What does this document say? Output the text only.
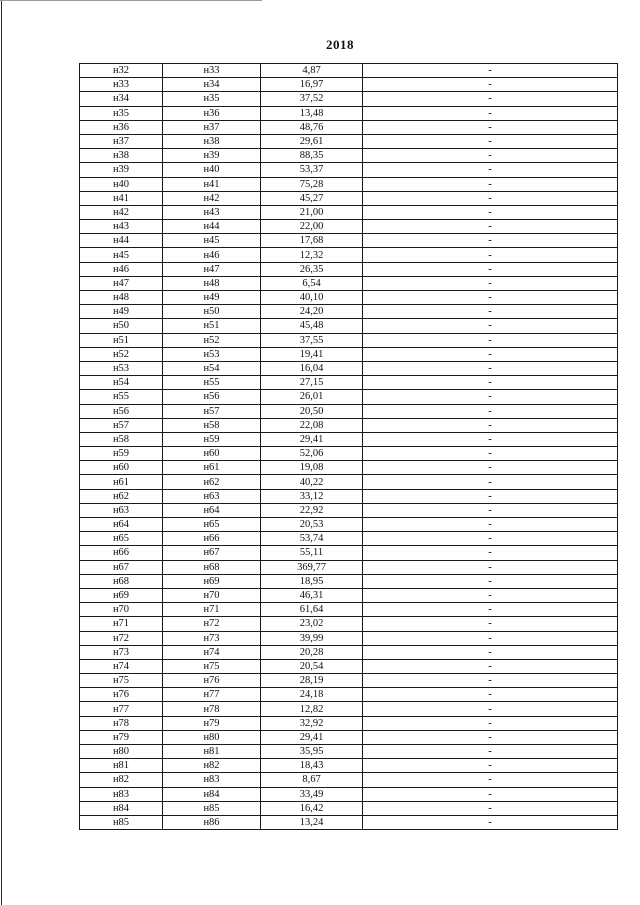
2018
н32	н33	4,87	-
н33	н34	16,97	-
н34	н35	37,52	-
н35	н36	13,48	-
н36	н37	48,76	-
н37	н38	29,61	-
н38	н39	88,35	-
н39	н40	53,37	-
н40	н41	75,28	-
н41	н42	45,27	-
н42	н43	21,00	-
н43	н44	22,00	-
н44	н45	17,68	-
н45	н46	12,32	-
н46	н47	26,35	-
н47	н48	6,54	-
н48	н49	40,10	-
н49	н50	24,20	-
н50	н51	45,48	-
н51	н52	37,55	-
н52	н53	19,41	-
н53	н54	16,04	-
н54	н55	27,15	-
н55	н56	26,01	-
н56	н57	20,50	-
н57	н58	22,08	-
н58	н59	29,41	-
н59	н60	52,06	-
н60	н61	19,08	-
н61	н62	40,22	-
н62	н63	33,12	-
н63	н64	22,92	-
н64	н65	20,53	-
н65	н66	53,74	-
н66	н67	55,11	-
н67	н68	369,77	-
н68	н69	18,95	-
н69	н70	46,31	-
н70	н71	61,64	-
н71	н72	23,02	-
н72	н73	39,99	-
н73	н74	20,28	-
н74	н75	20,54	-
н75	н76	28,19	-
н76	н77	24,18	-
н77	н78	12,82	-
н78	н79	32,92	-
н79	н80	29,41	-
н80	н81	35,95	-
н81	н82	18,43	-
н82	н83	8,67	-
н83	н84	33,49	-
н84	н85	16,42	-
н85	н86	13,24	-
